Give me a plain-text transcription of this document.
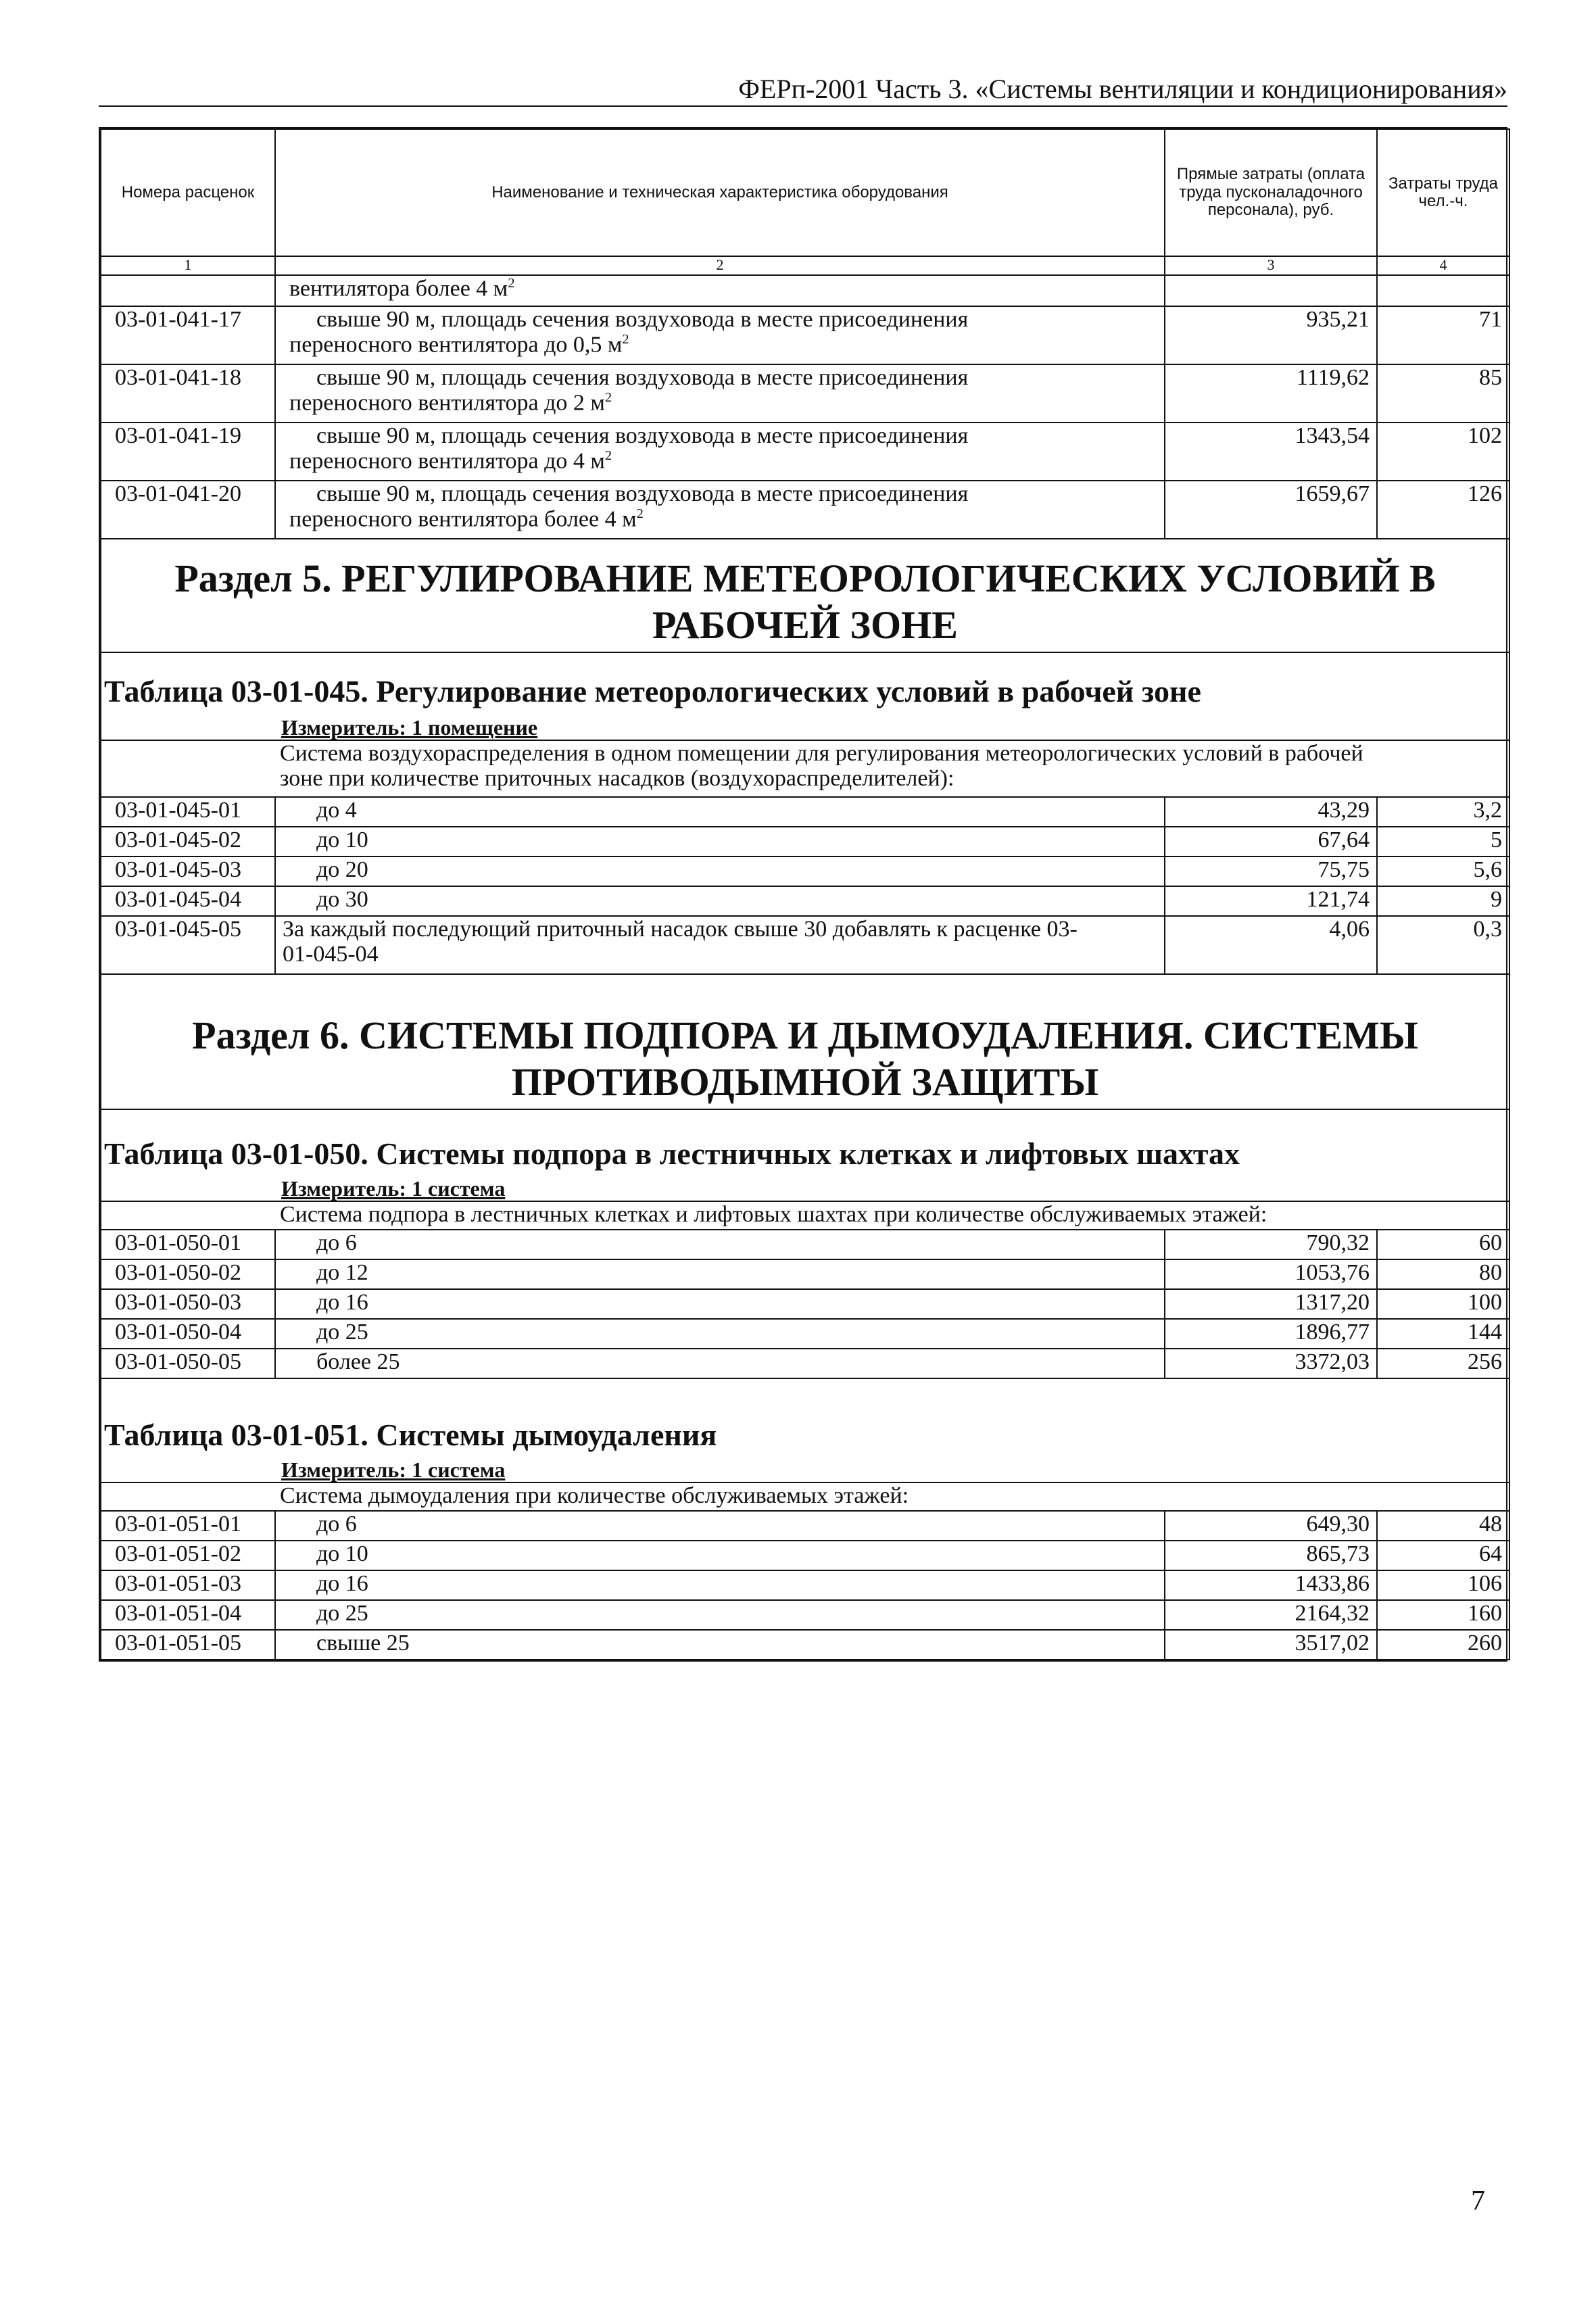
ФЕРп-2001 Часть 3. «Системы вентиляции и кондиционирования»
Номера расценок	Наименование и техническая характеристика оборудования	Прямые затраты (оплата труда пусконаладочного персонала), руб.	Затраты труда чел.-ч.
1	2	3	4
	вентилятора более 4 $м^2$		
03-01-041-17	свыше 90 м, площадь сечения воздуховода в месте присоединения
переносного вентилятора до 0,5 $м^2$	935,21	71
03-01-041-18	свыше 90 м, площадь сечения воздуховода в месте присоединения
переносного вентилятора до 2 $м^2$	1119,62	85
03-01-041-19	свыше 90 м, площадь сечения воздуховода в месте присоединения
переносного вентилятора до 4 $м^2$	1343,54	102
03-01-041-20	свыше 90 м, площадь сечения воздуховода в месте присоединения
переносного вентилятора более 4 $м^2$	1659,67	126
Раздел 5. РЕГУЛИРОВАНИЕ МЕТЕОРОЛОГИЧЕСКИХ УСЛОВИЙ В
РАБОЧЕЙ ЗОНЕ			
Таблица 03-01-045. Регулирование метеорологических условий в рабочей зоне			
Измеритель: 1 помещение			
Система воздухораспределения в одном помещении для регулирования метеорологических условий в рабочей
зоне при количестве приточных насадков (воздухораспределителей):			
03-01-045-01	до 4	43,29	3,2
03-01-045-02	до 10	67,64	5
03-01-045-03	до 20	75,75	5,6
03-01-045-04	до 30	121,74	9
03-01-045-05	За каждый последующий приточный насадок свыше 30 добавлять к расценке 03-
01-045-04	4,06	0,3
Раздел 6. СИСТЕМЫ ПОДПОРА И ДЫМОУДАЛЕНИЯ. СИСТЕМЫ
ПРОТИВОДЫМНОЙ ЗАЩИТЫ			
Таблица 03-01-050. Системы подпора в лестничных клетках и лифтовых шахтах			
Измеритель: 1 система			
Система подпора в лестничных клетках и лифтовых шахтах при количестве обслуживаемых этажей:			
03-01-050-01	до 6	790,32	60
03-01-050-02	до 12	1053,76	80
03-01-050-03	до 16	1317,20	100
03-01-050-04	до 25	1896,77	144
03-01-050-05	более 25	3372,03	256
Таблица 03-01-051. Системы дымоудаления			
Измеритель: 1 система			
Система дымоудаления при количестве обслуживаемых этажей:			
03-01-051-01	до 6	649,30	48
03-01-051-02	до 10	865,73	64
03-01-051-03	до 16	1433,86	106
03-01-051-04	до 25	2164,32	160
03-01-051-05	свыше 25	3517,02	260
7
